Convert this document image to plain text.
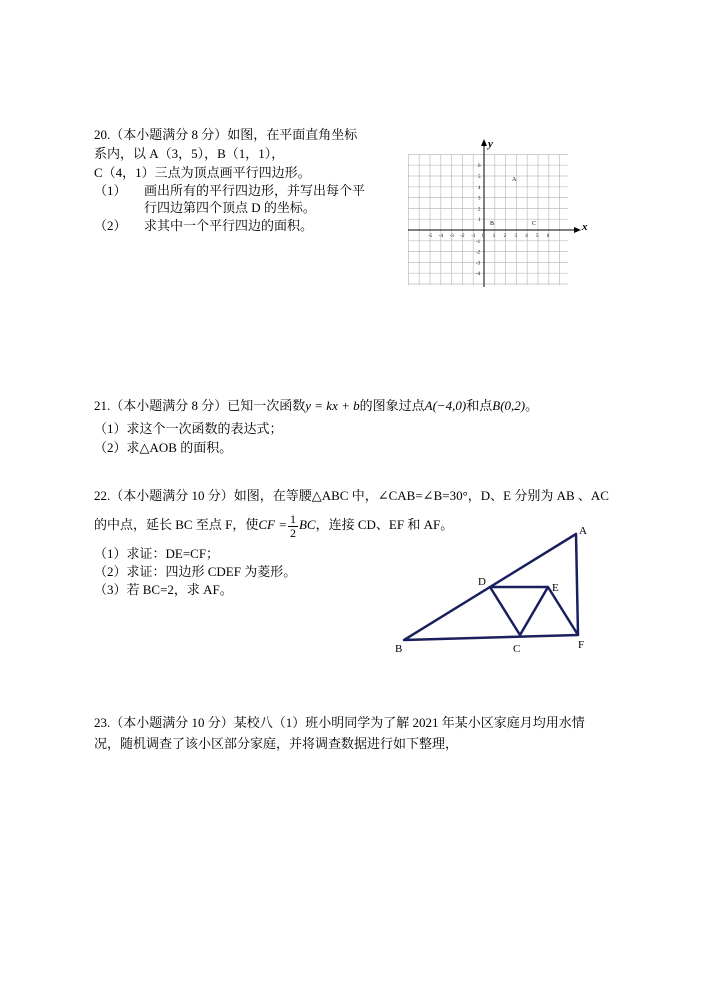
20.（本小题满分 8 分）如图，在平面直角坐标
系内，以 A（3，5），B（1，1），
C（4，1）三点为顶点画平行四边形。
（1） 画出所有的平行四边形，并写出每个平
行四边第四个顶点 D 的坐标。
（2） 求其中一个平行四边的面积。	x
y
-5 -4 -3 -2 -1 0 1 2 3 4 5 6
6
5
4
3
2
1
-1
-2
-3
-4
A
B	C
21.（本小题满分 8 分）已知一次函数y = kx + b的图象过点A(−4,0)和点B(0,2)。
（1）求这个一次函数的表达式；
（2）求△AOB 的面积。
22.（本小题满分 10 分）如图，在等腰△ABC 中，∠CAB=∠B=30°，D、E 分别为 AB 、AC
的中点，延长 BC 至点 F，使CF = $\frac{1}{2}$ BC，连接 CD、EF 和 AF。
（1）求证：DE=CF；
（2）求证：四边形 CDEF 为菱形。
（3）若 BC=2，求 AF。
A
B	C
D	E
F
23.（本小题满分 10 分）某校八（1）班小明同学为了解 2021 年某小区家庭月均用水情
况，随机调查了该小区部分家庭，并将调查数据进行如下整理，
